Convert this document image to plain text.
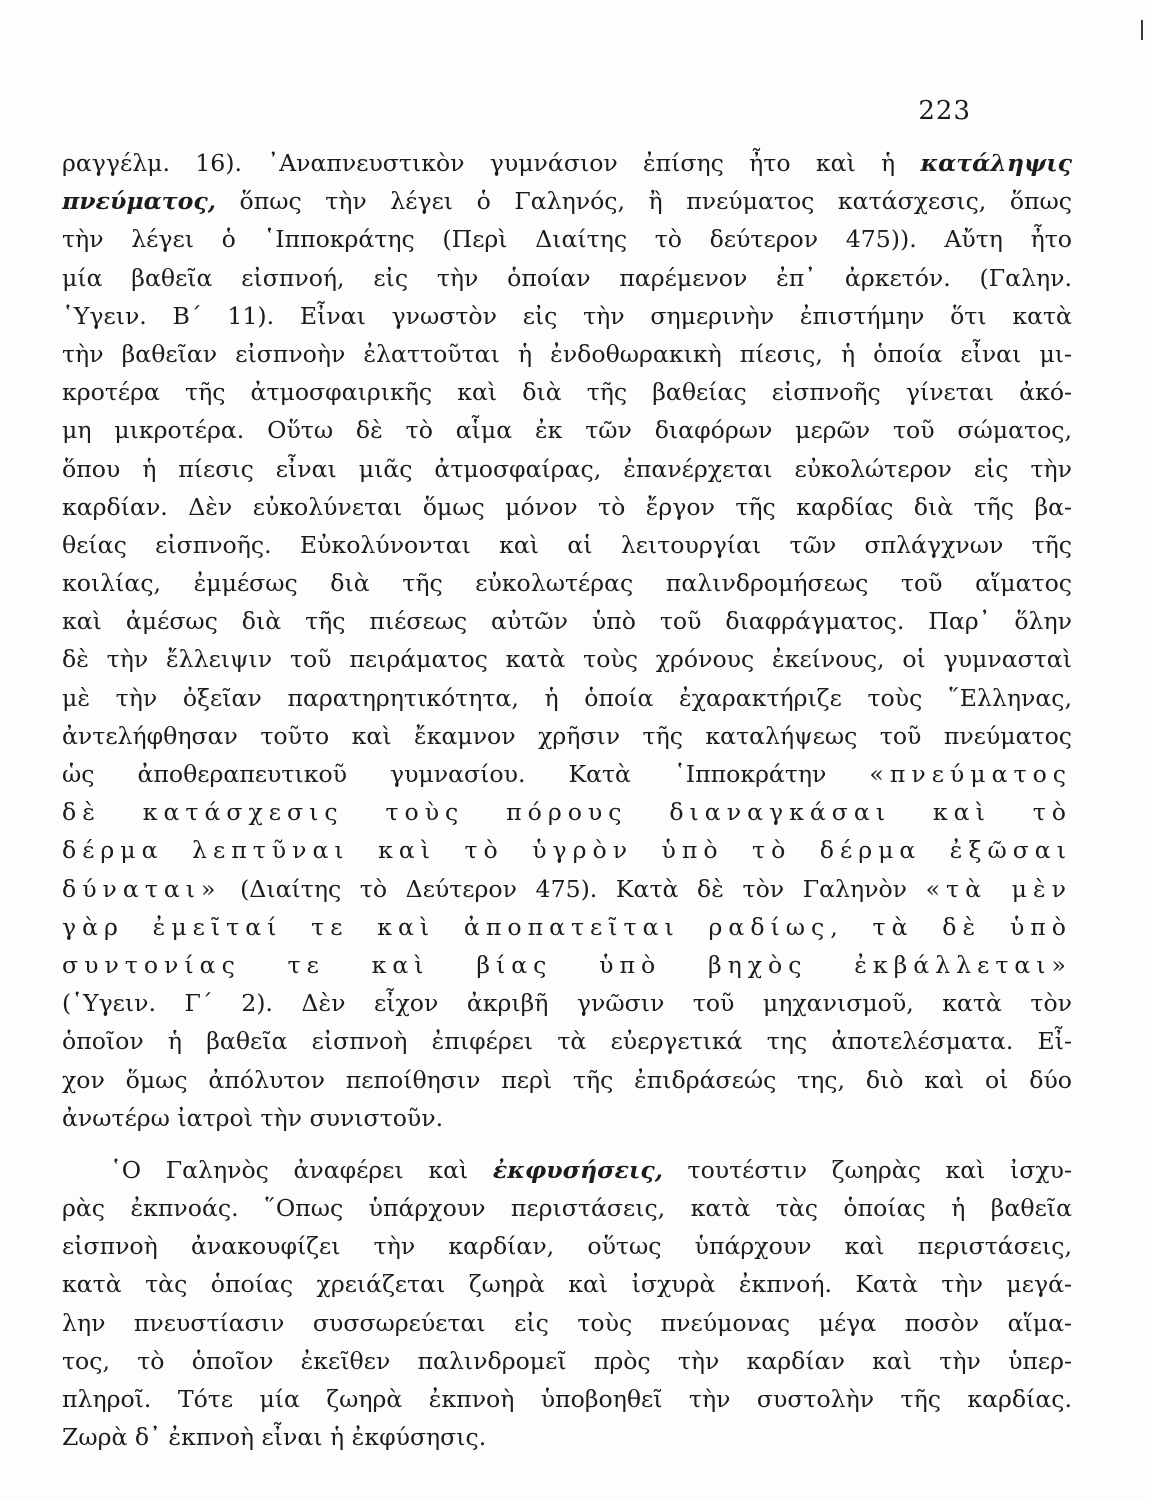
223
ραγγέλμ. 16). ᾿Αναπνευστικὸν γυμνάσιον ἐπίσης ἦτο καὶ ἡ κατάληψις
πνεύματος, ὅπως τὴν λέγει ὁ Γαληνός, ἢ πνεύματος κατάσχεσις, ὅπως
τὴν λέγει ὁ ῾Ιπποκράτης (Περὶ Διαίτης τὸ δεύτερον 475)). Αὔτη ἦτο
μία βαθεῖα εἰσπνοή, εἰς τὴν ὁποίαν παρέμενον ἐπ᾿ ἀρκετόν. (Γαλην.
῾Υγειν. Β΄ 11). Εἶναι γνωστὸν εἰς τὴν σημερινὴν ἐπιστήμην ὅτι κατὰ
τὴν βαθεῖαν εἰσπνοὴν ἐλαττοῦται ἡ ἐνδοθωρακικὴ πίεσις, ἡ ὁποία εἶναι μι-
κροτέρα τῆς ἀτμοσφαιρικῆς καὶ διὰ τῆς βαθείας εἰσπνοῆς γίνεται ἀκό-
μη μικροτέρα. Οὕτω δὲ τὸ αἷμα ἐκ τῶν διαφόρων μερῶν τοῦ σώματος,
ὅπου ἡ πίεσις εἶναι μιᾶς ἀτμοσφαίρας, ἐπανέρχεται εὐκολώτερον εἰς τὴν
καρδίαν. Δὲν εὐκολύνεται ὅμως μόνον τὸ ἔργον τῆς καρδίας διὰ τῆς βα-
θείας εἰσπνοῆς. Εὐκολύνονται καὶ αἱ λειτουργίαι τῶν σπλάγχνων τῆς
κοιλίας, ἐμμέσως διὰ τῆς εὐκολωτέρας παλινδρομήσεως τοῦ αἵματος
καὶ ἀμέσως διὰ τῆς πιέσεως αὐτῶν ὑπὸ τοῦ διαφράγματος. Παρ᾿ ὅλην
δὲ τὴν ἔλλειψιν τοῦ πειράματος κατὰ τοὺς χρόνους ἐκείνους, οἱ γυμνασταὶ
μὲ τὴν ὀξεῖαν παρατηρητικότητα, ἡ ὁποία ἐχαρακτήριζε τοὺς ῞Ελληνας,
ἀντελήφθησαν τοῦτο καὶ ἔκαμνον χρῆσιν τῆς καταλήψεως τοῦ πνεύματος
ὡς ἀποθεραπευτικοῦ γυμνασίου. Κατὰ ῾Ιπποκράτην «πνεύματος
δὲ κατάσχεσις τοὺς πόρους διαναγκάσαι καὶ τὸ
δέρμα λεπτῦναι καὶ τὸ ὑγρὸν ὑπὸ τὸ δέρμα ἐξῶσαι
δύναται» (Διαίτης τὸ Δεύτερον 475). Κατὰ δὲ τὸν Γαληνὸν «τὰ μὲν
γὰρ ἐμεῖταί τε καὶ ἀποπατεῖται ραδίως, τὰ δὲ ὑπὸ
συντονίας τε καὶ βίας ὑπὸ βηχὸς ἐκβάλλεται»
(῾Υγειν. Γ΄ 2). Δὲν εἶχον ἀκριβῆ γνῶσιν τοῦ μηχανισμοῦ, κατὰ τὸν
ὁποῖον ἡ βαθεῖα εἰσπνοὴ ἐπιφέρει τὰ εὐεργετικά της ἀποτελέσματα. Εἶ-
χον ὅμως ἀπόλυτον πεποίθησιν περὶ τῆς ἐπιδράσεώς της, διὸ καὶ οἱ δύο
ἀνωτέρω ἰατροὶ τὴν συνιστοῦν.
῾Ο Γαληνὸς ἀναφέρει καὶ ἐκφυσήσεις, τουτέστιν ζωηρὰς καὶ ἰσχυ-
ρὰς ἐκπνοάς. ῞Οπως ὑπάρχουν περιστάσεις, κατὰ τὰς ὁποίας ἡ βαθεῖα
εἰσπνοὴ ἀνακουφίζει τὴν καρδίαν, οὕτως ὑπάρχουν καὶ περιστάσεις,
κατὰ τὰς ὁποίας χρειάζεται ζωηρὰ καὶ ἰσχυρὰ ἐκπνοή. Κατὰ τὴν μεγά-
λην πνευστίασιν συσσωρεύεται εἰς τοὺς πνεύμονας μέγα ποσὸν αἵμα-
τος, τὸ ὁποῖον ἐκεῖθεν παλινδρομεῖ πρὸς τὴν καρδίαν καὶ τὴν ὑπερ-
πληροῖ. Τότε μία ζωηρὰ ἐκπνοὴ ὑποβοηθεῖ τὴν συστολὴν τῆς καρδίας.
Ζωρὰ δ᾿ ἐκπνοὴ εἶναι ἡ ἐκφύσησις.
